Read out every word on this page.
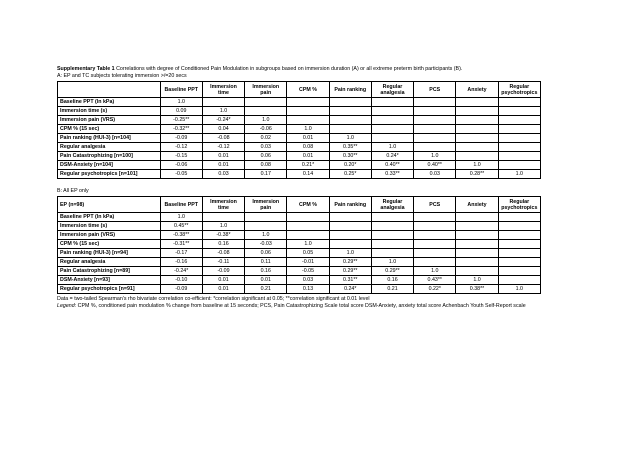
Supplementary Table 1 Correlations with degree of Conditioned Pain Modulation in subgroups based on immersion duration (A) or all extreme preterm birth participants (B).
A: EP and TC subjects tolerating immersion >/=20 secs
	Baseline PPT	Immersion time	Immersion pain	CPM %	Pain ranking	Regular analgesia	PCS	Anxiety	Regular psychotropics
Baseline PPT (ln kPa)	1.0								
Immersion time (s)	0.09	1.0							
Immersion pain (VRS)	-0.25**	-0.24*	1.0						
CPM % (15 sec)	-0.32**	0.04	-0.06	1.0					
Pain ranking (HUI-3) [n=104]	-0.09	-0.08	0.02	0.01	1.0				
Regular analgesia	-0.12	-0.12	0.03	0.08	0.35**	1.0			
Pain Catastrophizing [n=100]	-0.15	0.01	0.06	0.01	0.30**	0.24*	1.0		
DSM-Anxiety [n=104]	-0.06	0.01	0.08	0.21*	0.20*	0.40**	0.40**	1.0	
Regular psychotropics [n=101]	-0.05	0.03	0.17	0.14	0.25*	0.33**	0.03	0.28**	1.0
B: All EP only
EP (n=98)	Baseline PPT	Immersion time	Immersion pain	CPM %	Pain ranking	Regular analgesia	PCS	Anxiety	Regular psychotropics
Baseline PPT (ln kPa)	1.0								
Immersion time (s)	0.45**	1.0							
Immersion pain (VRS)	-0.38**	-0.38*	1.0						
CPM % (15 sec)	-0.31**	0.16	-0.03	1.0					
Pain ranking (HUI-3) [n=94]	-0.17	-0.08	0.06	0.05	1.0				
Regular analgesia	-0.16	-0.11	0.11	-0.01	0.29**	1.0			
Pain Catastrophizing [n=89]	-0.24*	-0.09	0.16	-0.05	0.29**	0.29**	1.0		
DSM-Anxiety [n=93]	-0.10	0.01	0.01	0.03	0.31**	0.16	0.43**	1.0	
Regular psychotropics [n=91]	-0.09	0.01	0.21	0.13	0.24*	0.21	0.22*	0.38**	1.0

Data = two-tailed Spearman's rho bivariate correlation co-efficient: *correlation significant at 0.05; **correlation significant at 0.01 level

Legend: CPM %, conditioned pain modulation % change from baseline at 15 seconds; PCS, Pain Catastrophizing Scale total score DSM-Anxiety, anxiety total score Achenbach Youth Self-Report scale
